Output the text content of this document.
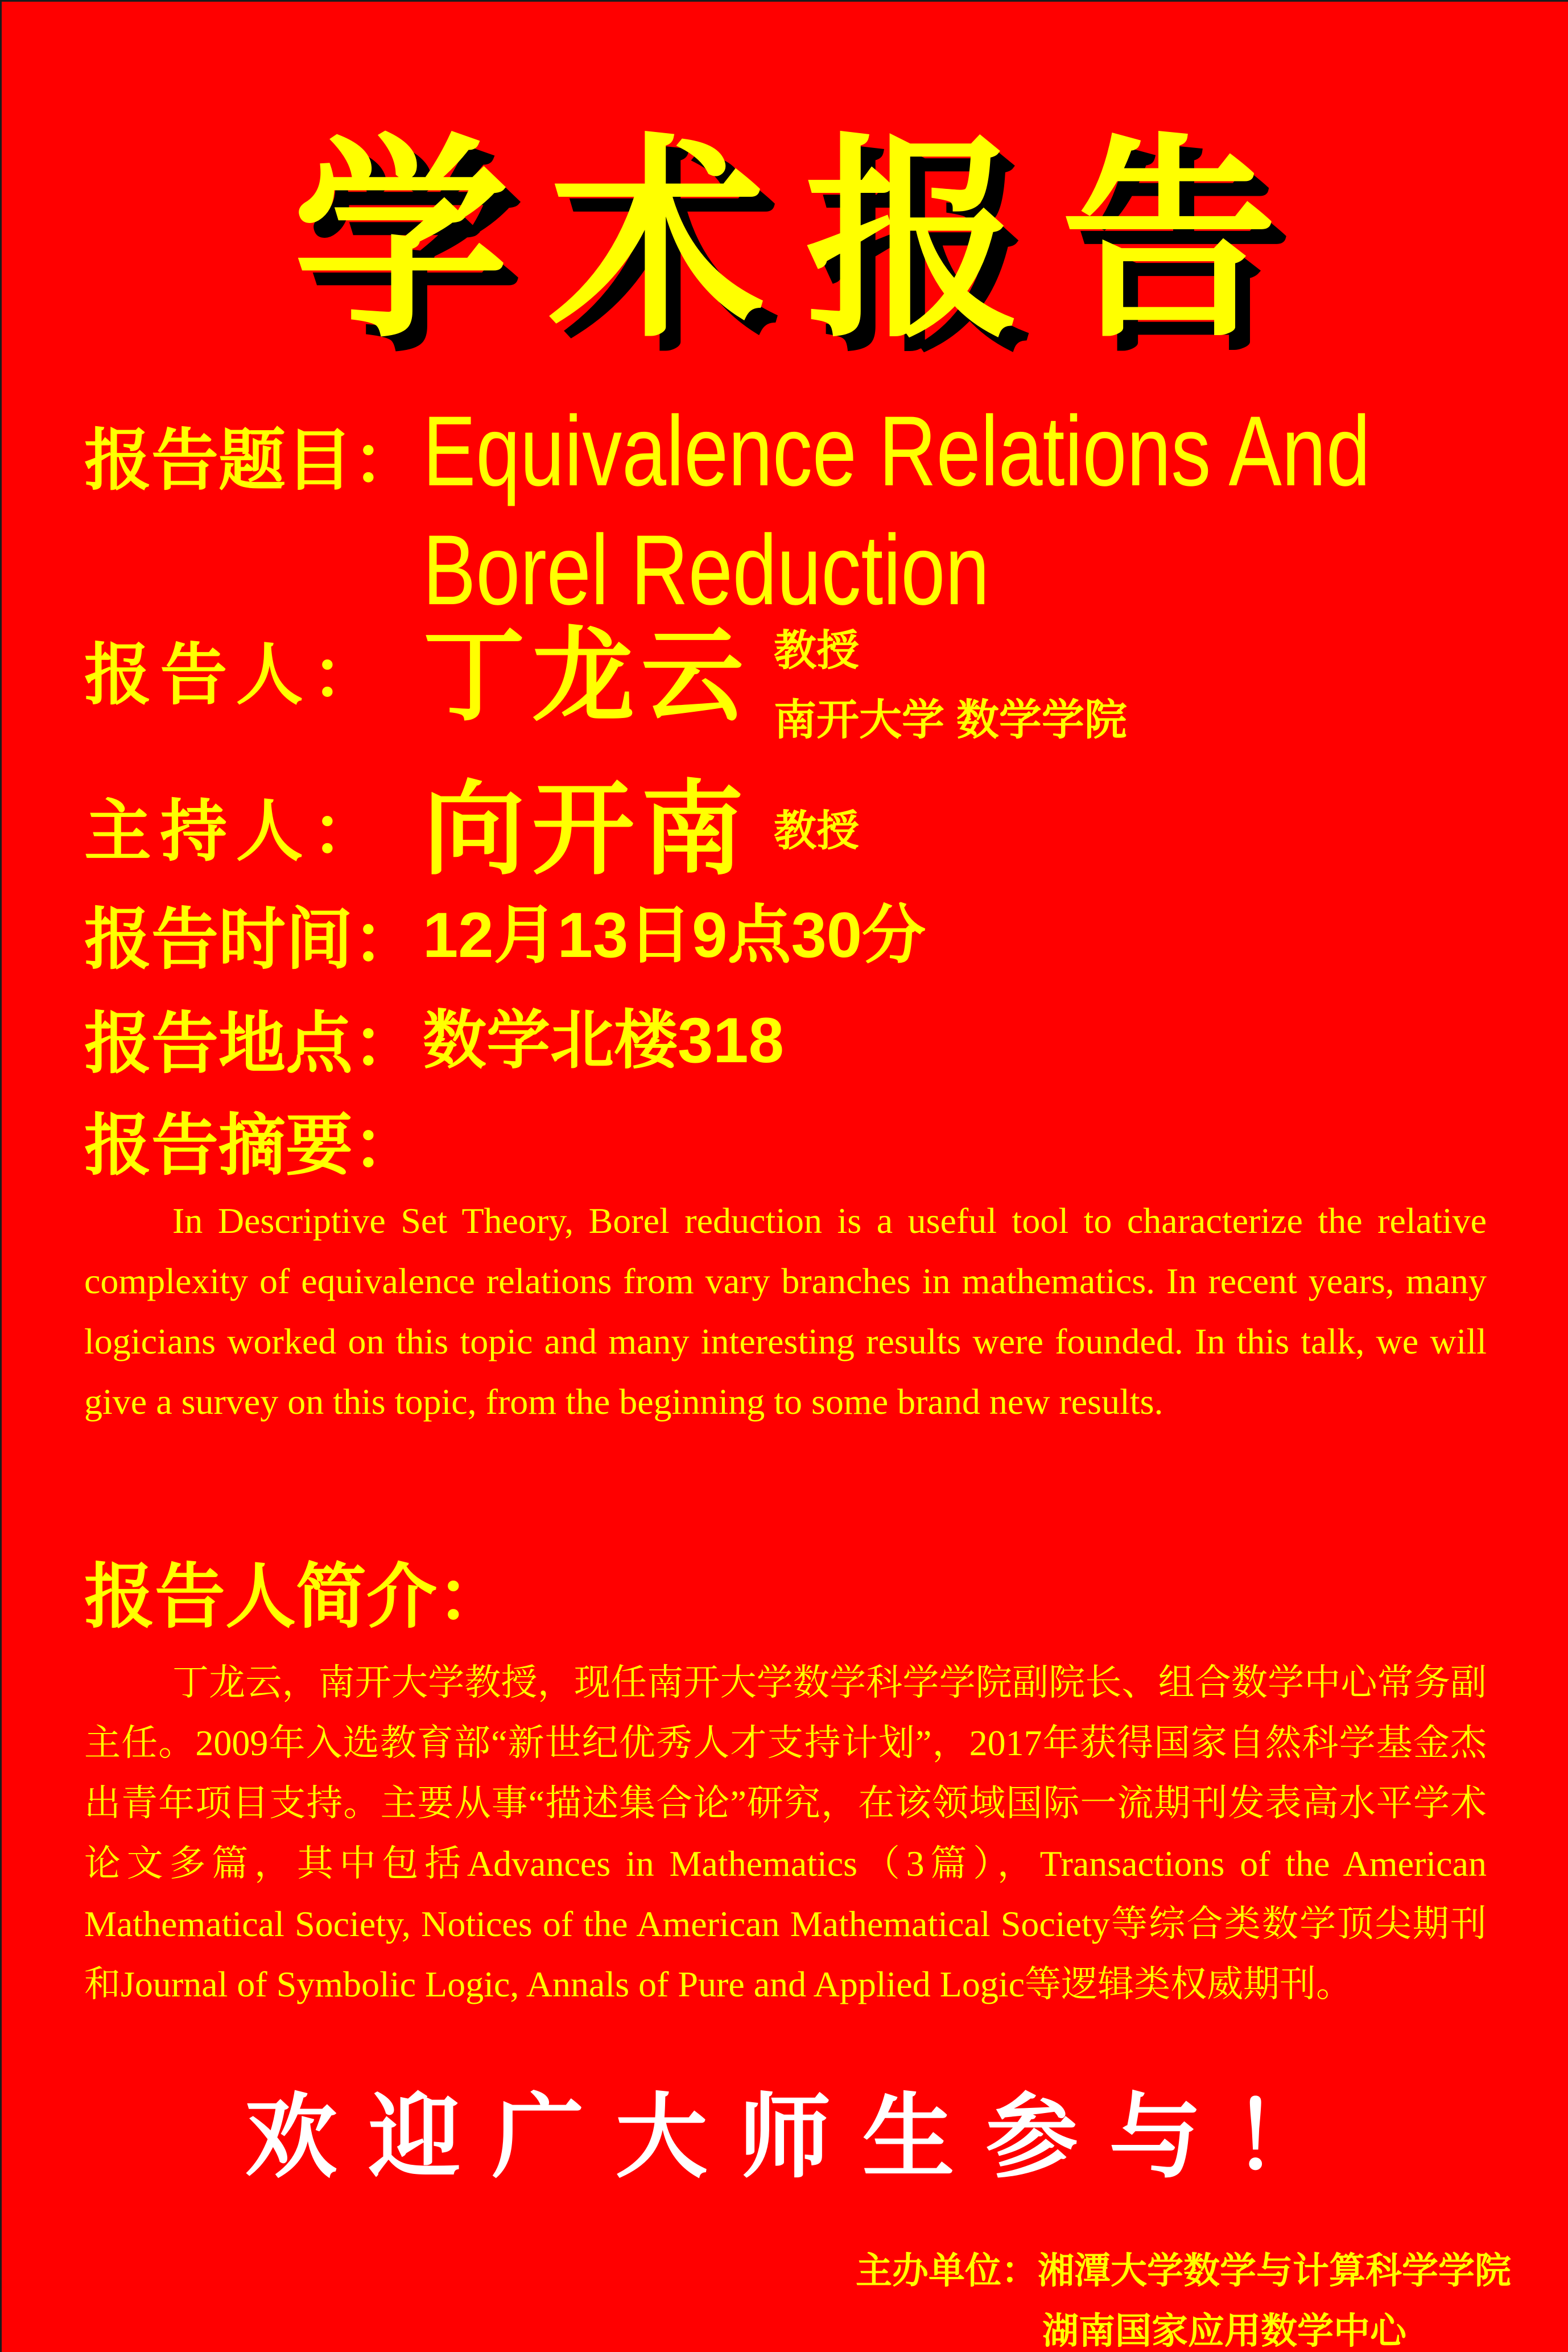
学术报告
报告题目： Equivalence Relations And
Borel Reduction
报告人： 丁龙云 教授
南开大学 数学学院
主持人： 向开南 教授
报告时间： 12月13日9点30分
报告地点： 数学北楼318
报告摘要：

In Descriptive Set Theory, Borel reduction is a useful tool to characterize the relative complexity of equivalence relations from vary branches in mathematics. In recent years, many logicians worked on this topic and many interesting results were founded. In this talk, we will give a survey on this topic, from the beginning to some brand new results.

报告人简介：

丁龙云，南开大学教授，现任南开大学数学科学学院副院长、组合数学中心常务副主任。2009年入选教育部“新世纪优秀人才支持计划”，2017年获得国家自然科学基金杰出青年项目支持。主要从事“描述集合论”研究，在该领域国际一流期刊发表高水平学术论文多篇，其中包括Advances in Mathematics（3篇），Transactions of the American Mathematical Society, Notices of the American Mathematical Society等综合类数学顶尖期刊和Journal of Symbolic Logic, Annals of Pure and Applied Logic等逻辑类权威期刊。

欢迎广大师生参与！
主办单位：湘潭大学数学与计算科学学院
湖南国家应用数学中心
